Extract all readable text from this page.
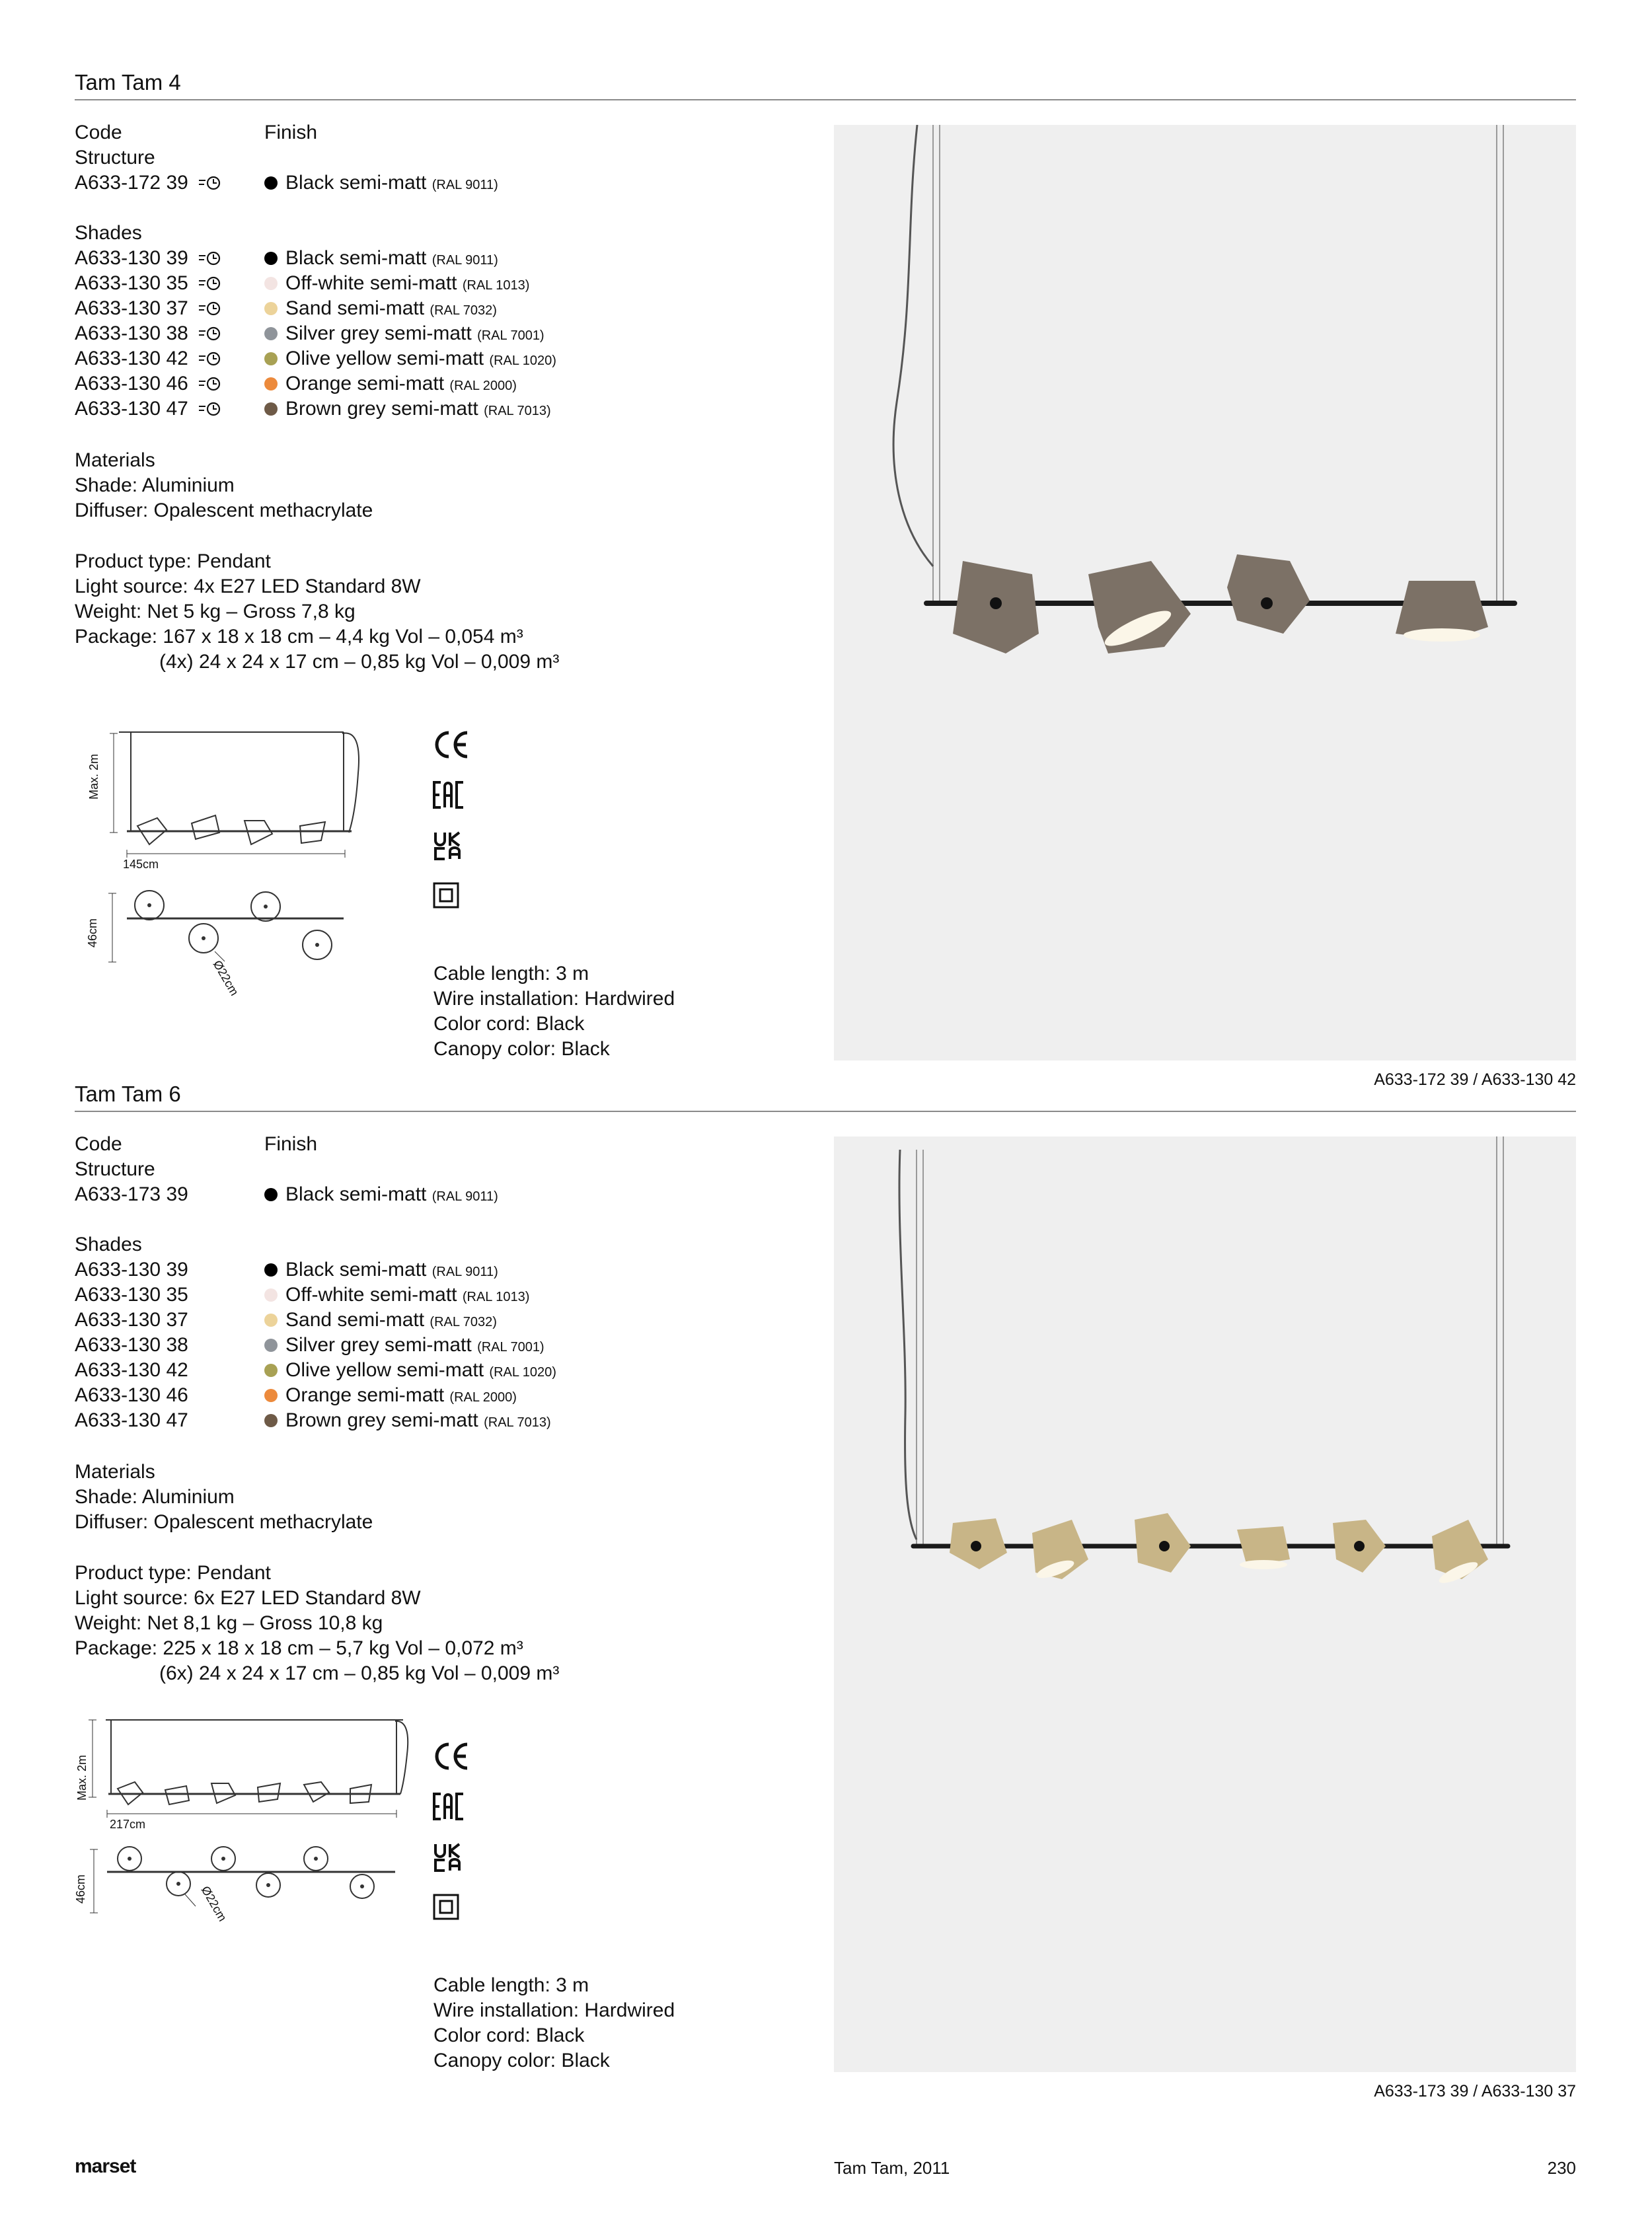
Tam Tam 4
Code	Finish
Structure
A633-172 39	Black semi-matt (RAL 9011)
Shades
A633-130 39	Black semi-matt (RAL 9011)
A633-130 35	Off-white semi-matt (RAL 1013)
A633-130 37	Sand semi-matt (RAL 7032)
A633-130 38	Silver grey semi-matt (RAL 7001)
A633-130 42	Olive yellow semi-matt (RAL 1020)
A633-130 46	Orange semi-matt (RAL 2000)
A633-130 47	Brown grey semi-matt (RAL 7013)
Materials
Shade: Aluminium
Diffuser: Opalescent methacrylate
Product type: Pendant
Light source: 4x E27 LED Standard 8W
Weight: Net 5 kg – Gross 7,8 kg
Package: 167 x 18 x 18 cm – 4,4 kg Vol – 0,054 m³
(4x) 24 x 24 x 17 cm – 0,85 kg Vol – 0,009 m³
Max. 2m
145cm
46cm
Ø22cm	Cable length: 3 m
Wire installation: Hardwired
Color cord: Black
Canopy color: Black
A633-172 39 / A633-130 42
Tam Tam 6
Code	Finish
Structure
A633-173 39	Black semi-matt (RAL 9011)
Shades
A633-130 39	Black semi-matt (RAL 9011)
A633-130 35	Off-white semi-matt (RAL 1013)
A633-130 37	Sand semi-matt (RAL 7032)
A633-130 38	Silver grey semi-matt (RAL 7001)
A633-130 42	Olive yellow semi-matt (RAL 1020)
A633-130 46	Orange semi-matt (RAL 2000)
A633-130 47	Brown grey semi-matt (RAL 7013)
Materials
Shade: Aluminium
Diffuser: Opalescent methacrylate
Product type: Pendant
Light source: 6x E27 LED Standard 8W
Weight: Net 8,1 kg – Gross 10,8 kg
Package: 225 x 18 x 18 cm – 5,7 kg Vol – 0,072 m³
(6x) 24 x 24 x 17 cm – 0,85 kg Vol – 0,009 m³
Max. 2m
217cm
46cm	Ø22cm
Cable length: 3 m
Wire installation: Hardwired
Color cord: Black
Canopy color: Black
A633-173 39 / A633-130 37
marset	Tam Tam, 2011	230
